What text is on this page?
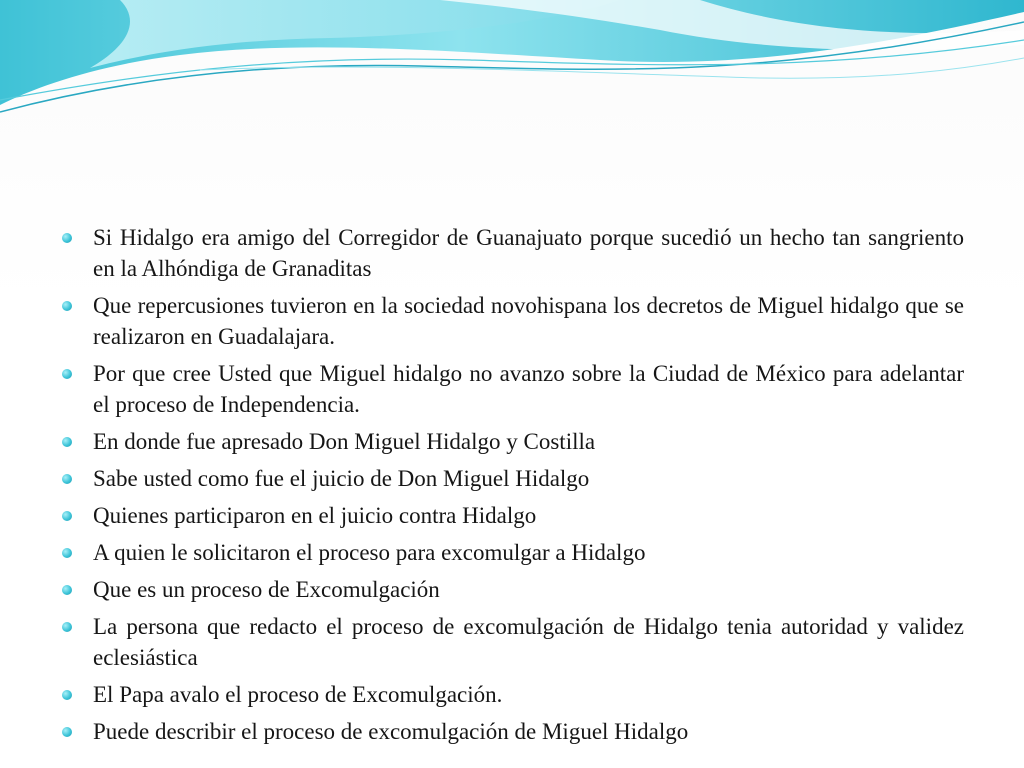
Si Hidalgo era amigo del Corregidor de Guanajuato porque sucedió un hecho tan sangriento en la Alhóndiga de Granaditas
Que repercusiones tuvieron en la sociedad novohispana los decretos de Miguel hidalgo que se realizaron en Guadalajara.
Por que cree Usted que Miguel hidalgo no avanzo sobre la Ciudad de México para adelantar el proceso de Independencia.
En donde fue apresado Don Miguel Hidalgo y Costilla
Sabe usted como fue el juicio de Don Miguel Hidalgo
Quienes participaron en el juicio contra Hidalgo
A quien le solicitaron el proceso para excomulgar a Hidalgo
Que es un proceso de Excomulgación
La persona que redacto el proceso de excomulgación de Hidalgo tenia autoridad y validez eclesiástica
El Papa avalo el proceso de Excomulgación.
Puede describir el proceso de excomulgación de Miguel Hidalgo
